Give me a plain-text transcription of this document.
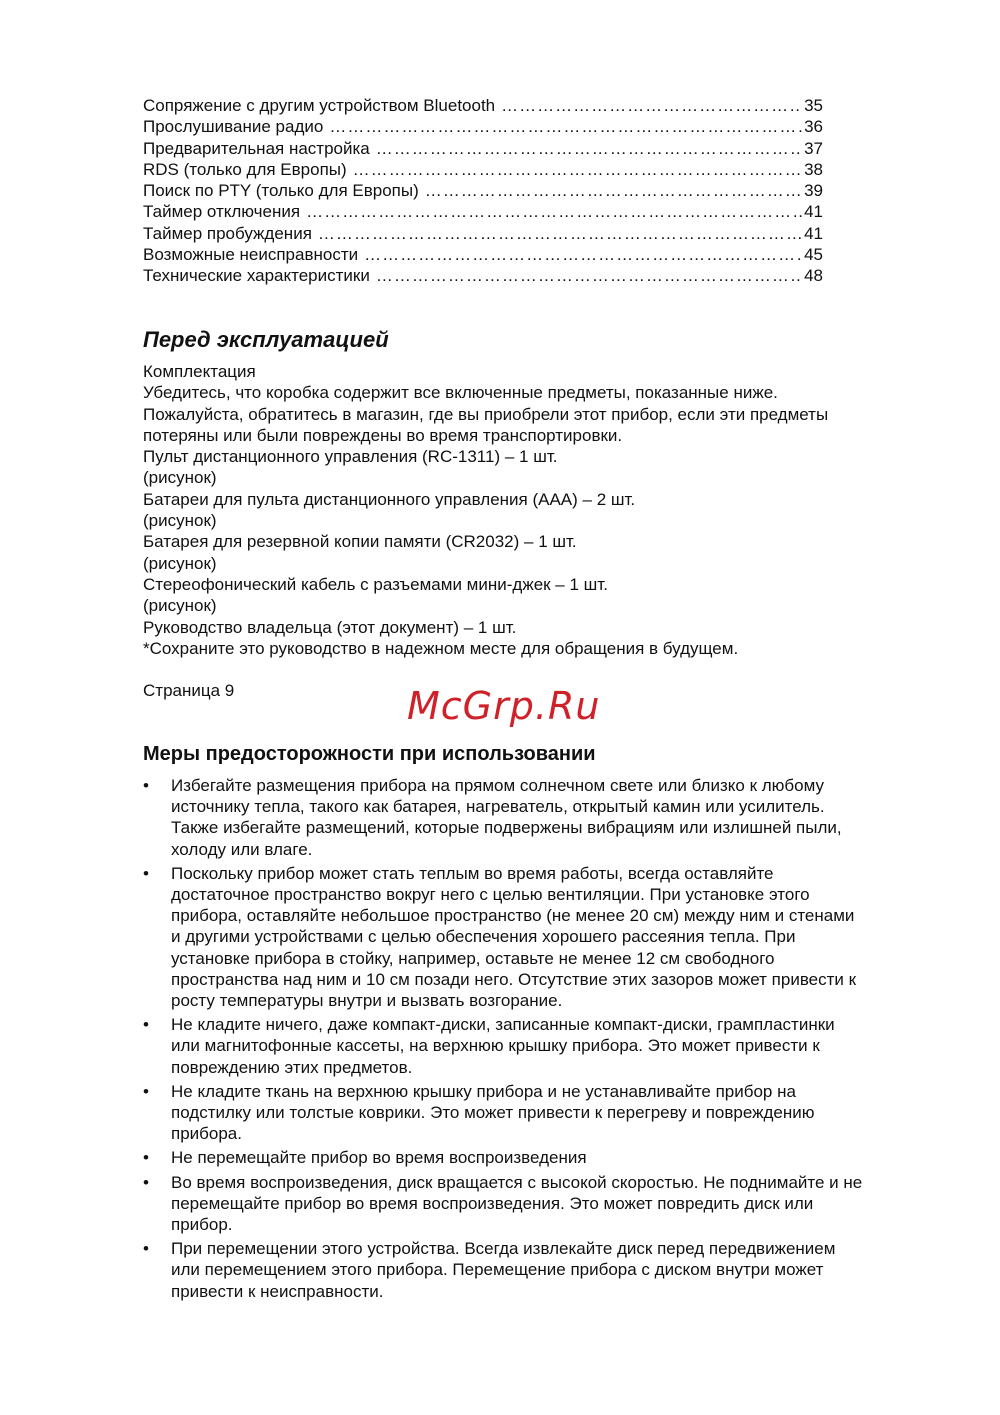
Сопряжение с другим устройством Bluetooth …………………………………………………………………………………………………………………………………………………………	35
Прослушивание радио …………………………………………………………………………………………………………………………………………………………	36
Предварительная настройка …………………………………………………………………………………………………………………………………………………………	37
RDS (только для Европы) …………………………………………………………………………………………………………………………………………………………	38
Поиск по PTY (только для Европы) …………………………………………………………………………………………………………………………………………………………	39
Таймер отключения …………………………………………………………………………………………………………………………………………………………	41
Таймер пробуждения …………………………………………………………………………………………………………………………………………………………	41
Возможные неисправности …………………………………………………………………………………………………………………………………………………………	45
Технические характеристики …………………………………………………………………………………………………………………………………………………………	48
Перед эксплуатацией
Комплектация
Убедитесь, что коробка содержит все включенные предметы, показанные ниже.
Пожалуйста, обратитесь в магазин, где вы приобрели этот прибор, если эти предметы
потеряны или были повреждены во время транспортировки.
Пульт дистанционного управления (RC-1311) – 1 шт.
(рисунок)
Батареи для пульта дистанционного управления (AAA) – 2 шт.
(рисунок)
Батарея для резервной копии памяти (CR2032) – 1 шт.
(рисунок)
Стереофонический кабель с разъемами мини-джек – 1 шт.
(рисунок)
Руководство владельца (этот документ) – 1 шт.
*Сохраните это руководство в надежном месте для обращения в будущем.
Страница 9	McGrp.Ru
Меры предосторожности при использовании
•	Избегайте размещения прибора на прямом солнечном свете или близко к любому
источнику тепла, такого как батарея, нагреватель, открытый камин или усилитель.
Также избегайте размещений, которые подвержены вибрациям или излишней пыли,
холоду или влаге.
•	Поскольку прибор может стать теплым во время работы, всегда оставляйте
достаточное пространство вокруг него с целью вентиляции. При установке этого
прибора, оставляйте небольшое пространство (не менее 20 см) между ним и стенами
и другими устройствами с целью обеспечения хорошего рассеяния тепла. При
установке прибора в стойку, например, оставьте не менее 12 см свободного
пространства над ним и 10 см позади него. Отсутствие этих зазоров может привести к
росту температуры внутри и вызвать возгорание.
•	Не кладите ничего, даже компакт-диски, записанные компакт-диски, грампластинки
или магнитофонные кассеты, на верхнюю крышку прибора. Это может привести к
повреждению этих предметов.
•	Не кладите ткань на верхнюю крышку прибора и не устанавливайте прибор на
подстилку или толстые коврики. Это может привести к перегреву и повреждению
прибора.
•	Не перемещайте прибор во время воспроизведения
•	Во время воспроизведения, диск вращается с высокой скоростью. Не поднимайте и не
перемещайте прибор во время воспроизведения. Это может повредить диск или
прибор.
•	При перемещении этого устройства. Всегда извлекайте диск перед передвижением
или перемещением этого прибора. Перемещение прибора с диском внутри может
привести к неисправности.
